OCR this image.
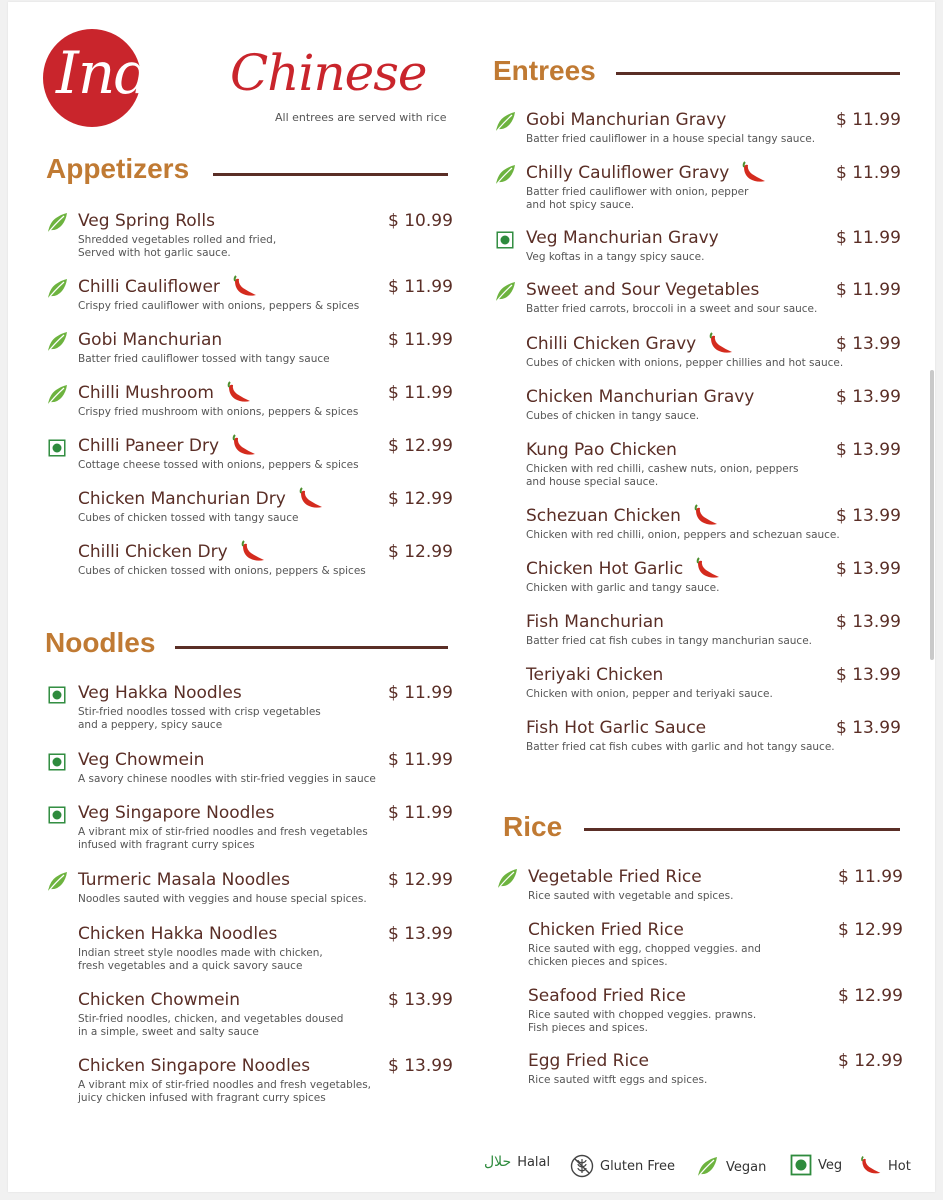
Indo Chinese
All entrees are served with rice
Appetizers
Noodles
Entrees
Rice
Veg Spring Rolls	$ 10.99
Shredded vegetables rolled and fried,
Served with hot garlic sauce.
Chilli Cauliflower	$ 11.99
Crispy fried cauliflower with onions, peppers & spices
Gobi Manchurian	$ 11.99
Batter fried cauliflower tossed with tangy sauce
Chilli Mushroom	$ 11.99
Crispy fried mushroom with onions, peppers & spices
Chilli Paneer Dry	$ 12.99
Cottage cheese tossed with onions, peppers & spices
Chicken Manchurian Dry	$ 12.99
Cubes of chicken tossed with tangy sauce
Chilli Chicken Dry	$ 12.99
Cubes of chicken tossed with onions, peppers & spices
Veg Hakka Noodles	$ 11.99
Stir-fried noodles tossed with crisp vegetables
and a peppery, spicy sauce
Veg Chowmein	$ 11.99
A savory chinese noodles with stir-fried veggies in sauce
Veg Singapore Noodles	$ 11.99
A vibrant mix of stir-fried noodles and fresh vegetables
infused with fragrant curry spices
Turmeric Masala Noodles	$ 12.99
Noodles sauted with veggies and house special spices.
Chicken Hakka Noodles	$ 13.99
Indian street style noodles made with chicken,
fresh vegetables and a quick savory sauce
Chicken Chowmein	$ 13.99
Stir-fried noodles, chicken, and vegetables doused
in a simple, sweet and salty sauce
Chicken Singapore Noodles	$ 13.99
A vibrant mix of stir-fried noodles and fresh vegetables,
juicy chicken infused with fragrant curry spices
Gobi Manchurian Gravy	$ 11.99
Batter fried cauliflower in a house special tangy sauce.
Chilly Cauliflower Gravy	$ 11.99
Batter fried cauliflower with onion, pepper
and hot spicy sauce.
Veg Manchurian Gravy	$ 11.99
Veg koftas in a tangy spicy sauce.
Sweet and Sour Vegetables	$ 11.99
Batter fried carrots, broccoli in a sweet and sour sauce.
Chilli Chicken Gravy	$ 13.99
Cubes of chicken with onions, pepper chillies and hot sauce.
Chicken Manchurian Gravy	$ 13.99
Cubes of chicken in tangy sauce.
Kung Pao Chicken	$ 13.99
Chicken with red chilli, cashew nuts, onion, peppers
and house special sauce.
Schezuan Chicken	$ 13.99
Chicken with red chilli, onion, peppers and schezuan sauce.
Chicken Hot Garlic	$ 13.99
Chicken with garlic and tangy sauce.
Fish Manchurian	$ 13.99
Batter fried cat fish cubes in tangy manchurian sauce.
Teriyaki Chicken	$ 13.99
Chicken with onion, pepper and teriyaki sauce.
Fish Hot Garlic Sauce	$ 13.99
Batter fried cat fish cubes with garlic and hot tangy sauce.
Vegetable Fried Rice	$ 11.99
Rice sauted with vegetable and spices.
Chicken Fried Rice	$ 12.99
Rice sauted with egg, chopped veggies. and
chicken pieces and spices.
Seafood Fried Rice	$ 12.99
Rice sauted with chopped veggies. prawns.
Fish pieces and spices.
Egg Fried Rice	$ 12.99
Rice sauted witft eggs and spices.
حلال Halal	Gluten Free	Vegan	Veg	Hot
